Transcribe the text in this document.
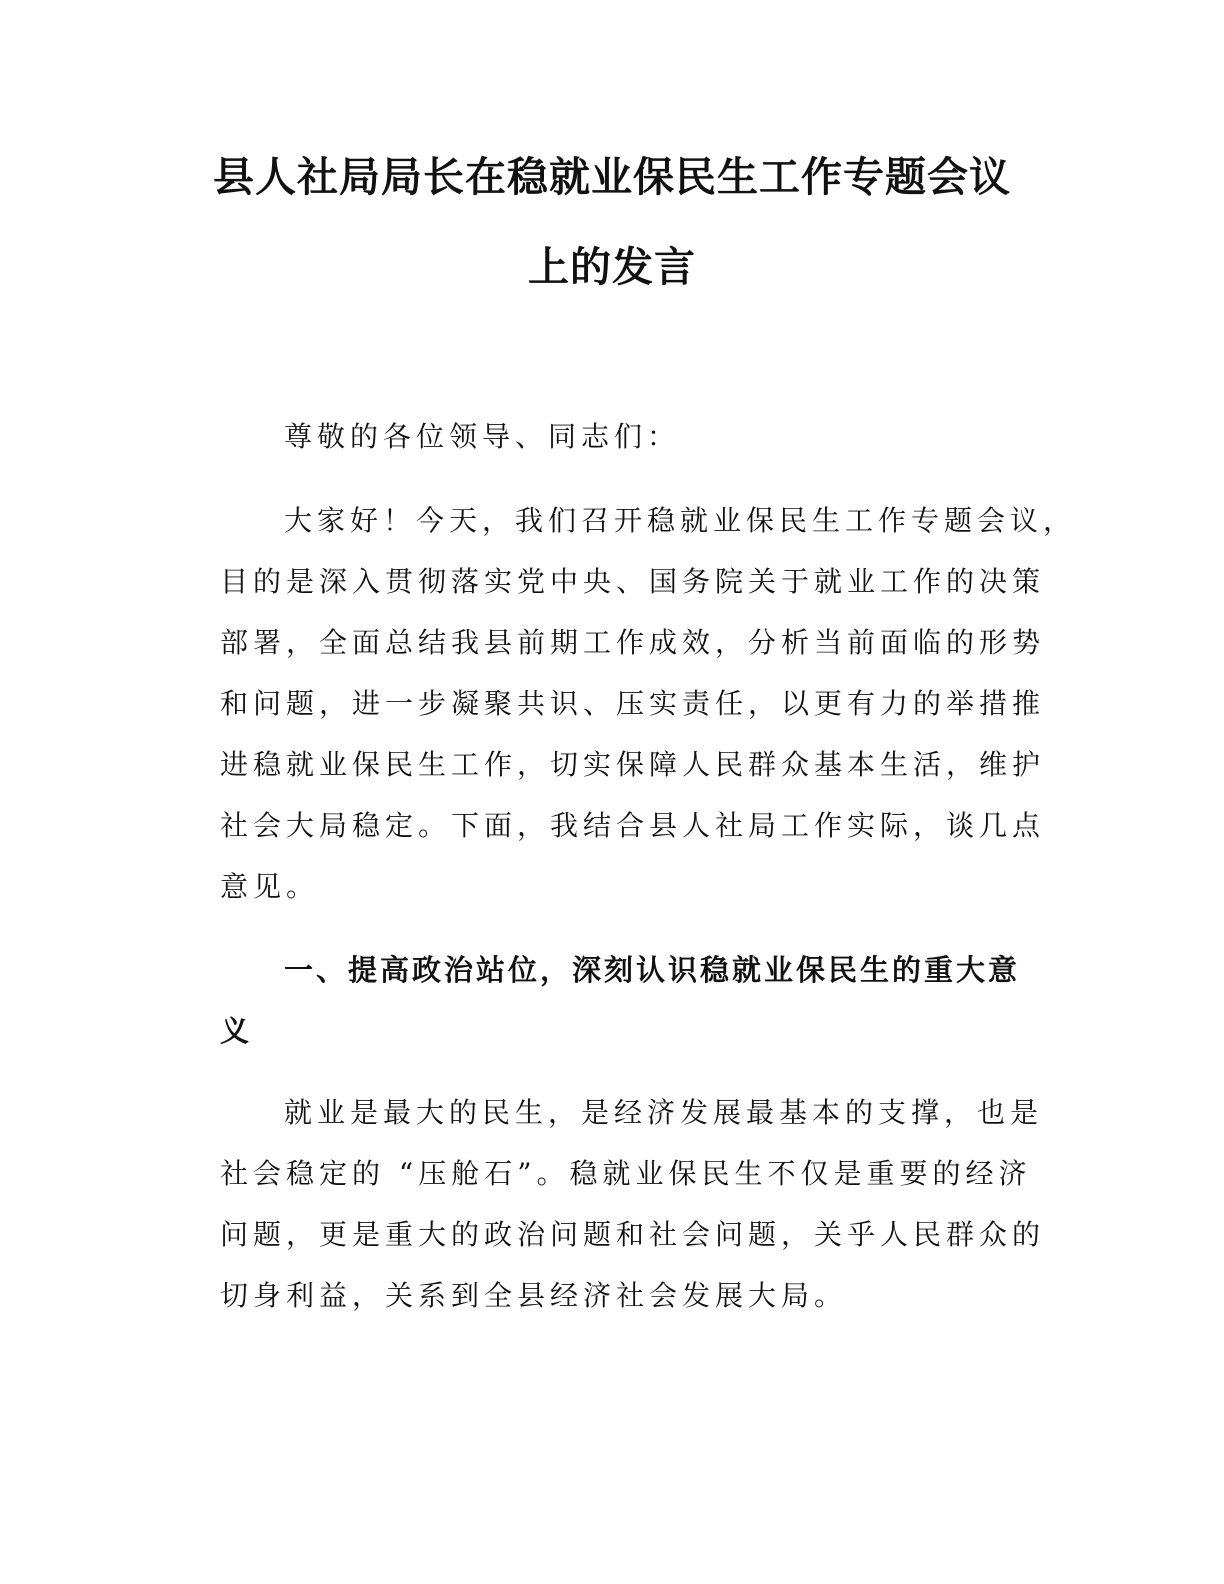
县人社局局长在稳就业保民生工作专题会议
上的发言

尊敬的各位领导、同志们：

大家好！今天，我们召开稳就业保民生工作专题会议，
目的是深入贯彻落实党中央、国务院关于就业工作的决策
部署，全面总结我县前期工作成效，分析当前面临的形势
和问题，进一步凝聚共识、压实责任，以更有力的举措推
进稳就业保民生工作，切实保障人民群众基本生活，维护
社会大局稳定。下面，我结合县人社局工作实际，谈几点
意见。

一、提高政治站位，深刻认识稳就业保民生的重大意
义

就业是最大的民生，是经济发展最基本的支撑，也是
社会稳定的 “压舱石”。稳就业保民生不仅是重要的经济
问题，更是重大的政治问题和社会问题，关乎人民群众的
切身利益，关系到全县经济社会发展大局。
